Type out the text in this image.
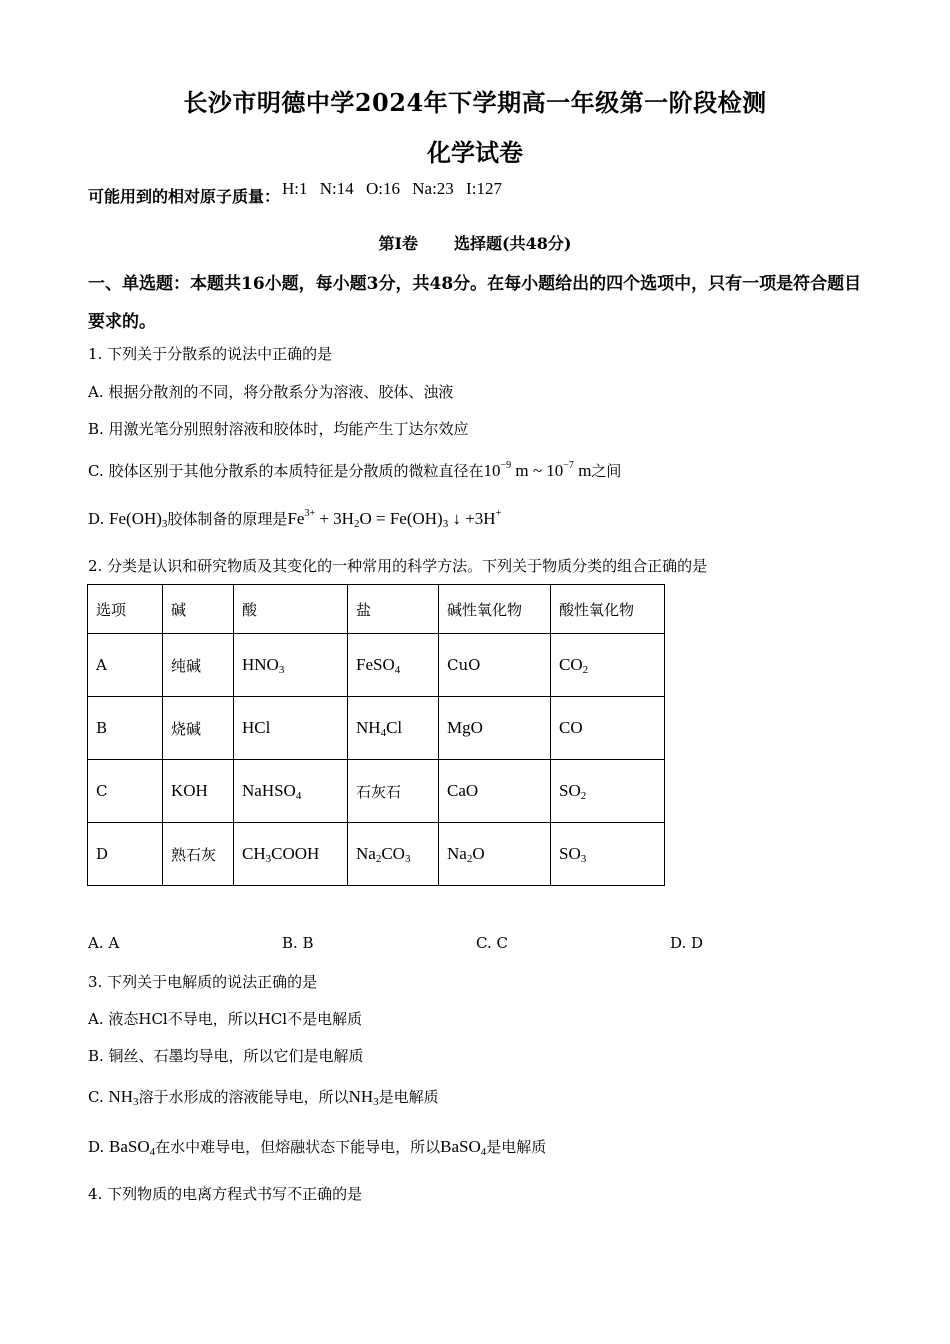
长沙市明德中学2024年下学期高一年级第一阶段检测
化学试卷
可能用到的相对原子质量： H:1 N:14 O:16 Na:23 I:127
第I卷 选择题(共48分)
一、单选题：本题共16小题，每小题3分，共48分。在每小题给出的四个选项中，只有一项是符合题目要求的。
1. 下列关于分散系的说法中正确的是
A. 根据分散剂的不同，将分散系分为溶液、胶体、浊液
B. 用激光笔分别照射溶液和胶体时，均能产生丁达尔效应
C. 胶体区别于其他分散系的本质特征是分散质的微粒直径在$10^{-9}$ m ~ $10^{-7}$ m之间
D. $Fe(OH)_3$胶体制备的原理是$Fe^{3+} + 3H_2O = Fe(OH)_3$ ↓ +3H+
2. 分类是认识和研究物质及其变化的一种常用的科学方法。下列关于物质分类的组合正确的是
选项	碱	酸	盐	碱性氧化物	酸性氧化物
A	纯碱	$HNO_3$	FeSO$_4$	CuO	$CO_2$
B	烧碱	HCl	$NH_4Cl$	MgO	CO
C	KOH	NaHSO$_4$	石灰石	CaO	$SO_2$
D	熟石灰	$CH_3COOH$	$Na_2CO_3$	$Na_2O$	$SO_3$
A. A	B. B	C. C	D. D
3. 下列关于电解质的说法正确的是
A. 液态HCl不导电，所以HCl不是电解质
B. 铜丝、石墨均导电，所以它们是电解质
C. $NH_3$溶于水形成的溶液能导电，所以$NH_3$是电解质
D. BaSO$_4$在水中难导电，但熔融状态下能导电，所以BaSO$_4$是电解质
4. 下列物质的电离方程式书写不正确的是
